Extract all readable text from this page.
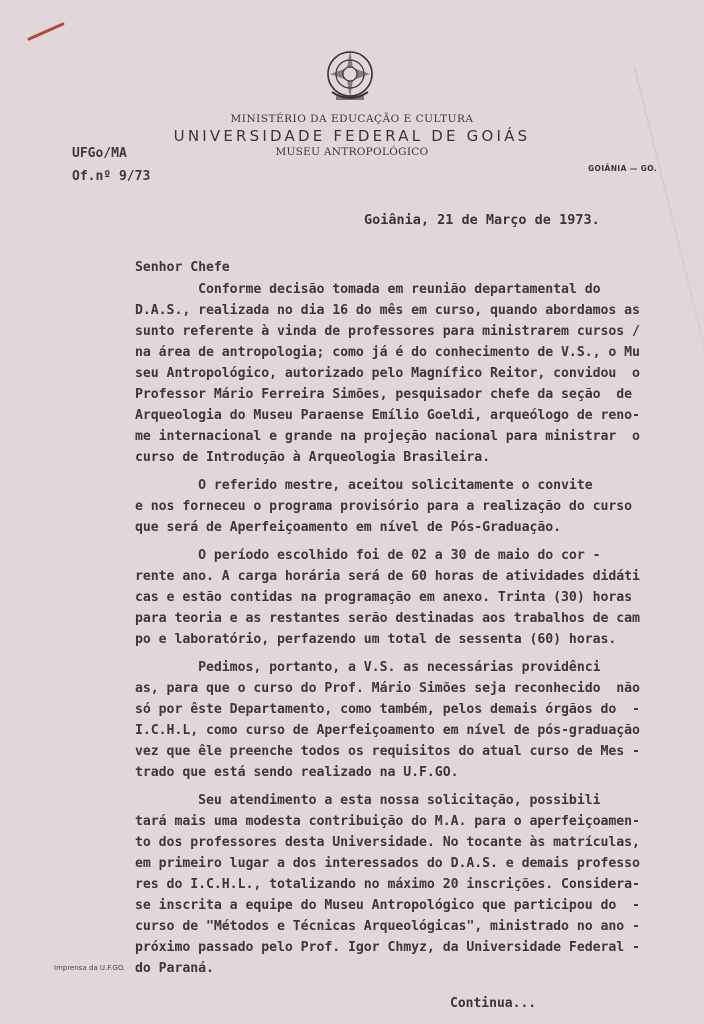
MINISTÉRIO DA EDUCAÇÃO E CULTURA
UNIVERSIDADE FEDERAL DE GOIÁS
MUSEU ANTROPOLÓGICO
UFGo/MA
Of.nº 9/73
GOIÂNIA — GO.
Goiânia, 21 de Março de 1973.
Senhor Chefe
Conforme decisão tomada em reunião departamental do
D.A.S., realizada no dia 16 do mês em curso, quando abordamos as
sunto referente à vinda de professores para ministrarem cursos /
na área de antropologia; como já é do conhecimento de V.S., o Mu
seu Antropológico, autorizado pelo Magnífico Reitor, convidou  o
Professor Mário Ferreira Simões, pesquisador chefe da seção  de
Arqueologia do Museu Paraense Emílio Goeldi, arqueólogo de reno-
me internacional e grande na projeção nacional para ministrar  o
curso de Introdução à Arqueologia Brasileira.
O referido mestre, aceitou solicitamente o convite
e nos forneceu o programa provisório para a realização do curso
que será de Aperfeiçoamento em nível de Pós-Graduação.
O período escolhido foi de 02 a 30 de maio do cor -
rente ano. A carga horária será de 60 horas de atividades didáti
cas e estão contidas na programação em anexo. Trinta (30) horas
para teoria e as restantes serão destinadas aos trabalhos de cam
po e laboratório, perfazendo um total de sessenta (60) horas.
Pedimos, portanto, a V.S. as necessárias providênci
as, para que o curso do Prof. Mário Simões seja reconhecido  não
só por êste Departamento, como também, pelos demais órgãos do  -
I.C.H.L, como curso de Aperfeiçoamento em nível de pós-graduação
vez que êle preenche todos os requisitos do atual curso de Mes -
trado que está sendo realizado na U.F.GO.
Seu atendimento a esta nossa solicitação, possibili
tará mais uma modesta contribuição do M.A. para o aperfeiçoamen-
to dos professores desta Universidade. No tocante às matrículas,
em primeiro lugar a dos interessados do D.A.S. e demais professo
res do I.C.H.L., totalizando no máximo 20 inscrições. Considera-
se inscrita a equipe do Museu Antropológico que participou do  -
curso de "Métodos e Técnicas Arqueológicas", ministrado no ano -
próximo passado pelo Prof. Igor Chmyz, da Universidade Federal -
do Paraná.
Imprensa da U.F.GO.
Continua...
